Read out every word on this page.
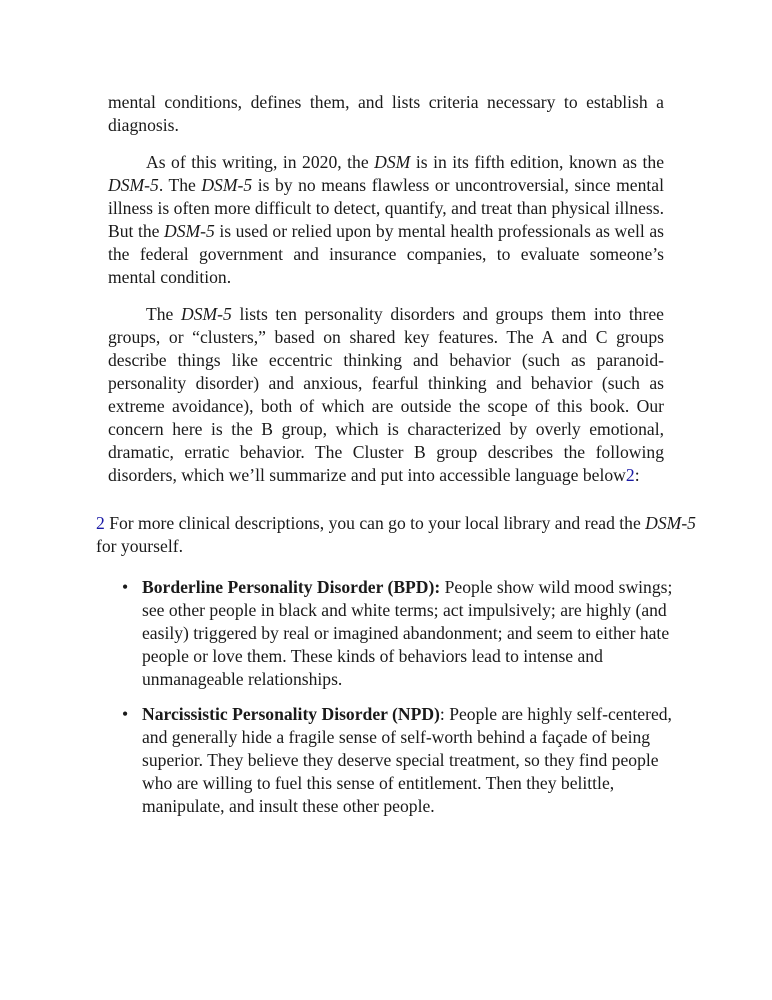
mental conditions, defines them, and lists criteria necessary to establish a diagnosis.

As of this writing, in 2020, the DSM is in its fifth edition, known as the DSM-5. The DSM-5 is by no means flawless or uncontroversial, since mental illness is often more difficult to detect, quantify, and treat than physical illness. But the DSM-5 is used or relied upon by mental health professionals as well as the federal government and insurance companies, to evaluate someone’s mental condition.

The DSM-5 lists ten personality disorders and groups them into three groups, or “clusters,” based on shared key features. The A and C groups describe things like eccentric thinking and behavior (such as paranoid-personality disorder) and anxious, fearful thinking and behavior (such as extreme avoidance), both of which are outside the scope of this book. Our concern here is the B group, which is characterized by overly emotional, dramatic, erratic behavior. The Cluster B group describes the following disorders, which we’ll summarize and put into accessible language below2:

2 For more clinical descriptions, you can go to your local library and read the DSM-5 for yourself.

• Borderline Personality Disorder (BPD): People show wild mood swings; see other people in black and white terms; act impulsively; are highly (and easily) triggered by real or imagined abandonment; and seem to either hate people or love them. These kinds of behaviors lead to intense and unmanageable relationships.
• Narcissistic Personality Disorder (NPD): People are highly self-centered, and generally hide a fragile sense of self-worth behind a façade of being superior. They believe they deserve special treatment, so they find people who are willing to fuel this sense of entitlement. Then they belittle, manipulate, and insult these other people.
